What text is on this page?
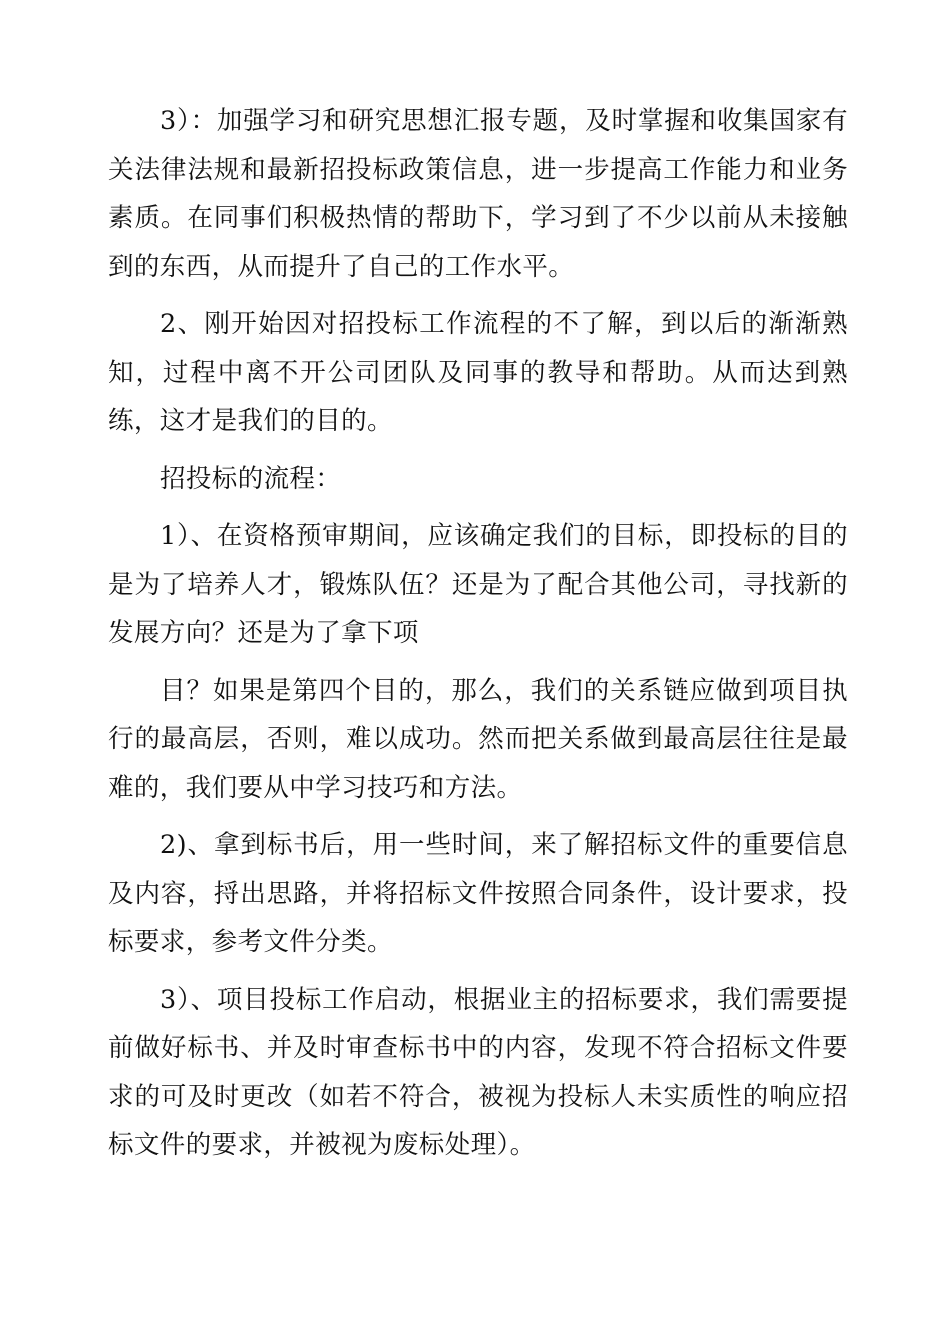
3）：加强学习和研究思想汇报专题，及时掌握和收集国家有关法律法规和最新招投标政策信息，进一步提高工作能力和业务素质。在同事们积极热情的帮助下，学习到了不少以前从未接触到的东西，从而提升了自己的工作水平。

2、刚开始因对招投标工作流程的不了解，到以后的渐渐熟知，过程中离不开公司团队及同事的教导和帮助。从而达到熟练，这才是我们的目的。

招投标的流程：

1）、在资格预审期间，应该确定我们的目标，即投标的目的是为了培养人才，锻炼队伍？还是为了配合其他公司，寻找新的发展方向？还是为了拿下项

目？如果是第四个目的，那么，我们的关系链应做到项目执行的最高层，否则，难以成功。然而把关系做到最高层往往是最难的，我们要从中学习技巧和方法。

2)、拿到标书后，用一些时间，来了解招标文件的重要信息及内容，捋出思路，并将招标文件按照合同条件，设计要求，投标要求，参考文件分类。

3）、项目投标工作启动，根据业主的招标要求，我们需要提前做好标书、并及时审查标书中的内容，发现不符合招标文件要求的可及时更改（如若不符合，被视为投标人未实质性的响应招标文件的要求，并被视为废标处理）。
